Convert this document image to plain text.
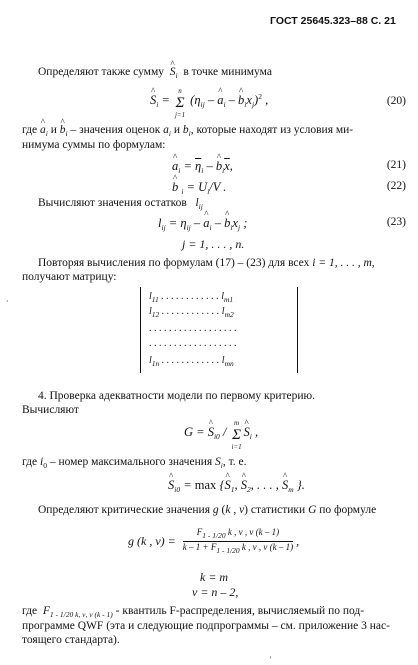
ГОСТ 25645.323–88 С. 21
Определяют также сумму ^ $S_i$ в точке минимума
^ $S_i$ =
n
Σ
j=1
($\eta_{ij}$ – ^ $a_i$ – ^ $b_ix_j)^2$ ,	(20)
где ^ $a_i$ и ^ $b_i$ – значения оценок $a_i$ и $b_i$, которые находят из условия ми-
нимума суммы по формулам:
^ $a_i = \overline{\eta}_i$ – ^ $b_i\overline{x}$,	(21)
^ b $_i = U_i/V$ .	(22)
Вычисляют значения остатков $l_{ij}$
$l_{ij} = \eta_{ij}$ – ^ $a_i$ – ^ $b_ix_j$ ;	(23)
j = 1, . . . , n.
Повторяя вычисления по формулам (17) – (23) для всех i = 1, . . . , m,
получают матрицу:
·	$l_{11}$ . . . . . . . . . . . . $l_{m1}$
$l_{12}$ . . . . . . . . . . . . $l_{m2}$
. . . . . . . . . . . . . . . . . .
. . . . . . . . . . . . . . . . . .
$l_{1n}$ . . . . . . . . . . . . $l_{mn}$
4. Проверка адекватности модели по первому критерию.
Вычисляют
G = ^ $S_{i0}$ /
m
Σ
i=1
^ $S_i$ ,
где $i_0$ – номер максимального значения $S_i$, т. е.
^ $S_{i0} = \max$ {^ $S_1$, ^ $S_2$, . . . , ^ $S_m$ }.
Определяют критические значения g (k , ν) статистики G по формуле
g (k , $\nu) = \frac{F_{1 - 1/20} k , \nu , \nu (k - 1)}{k - 1 + F_{1 - 1/20} k , \nu , \nu (k - 1)}$ ,
k = m
ν = n – 2,
где $F_{1 - 1/20 k, \nu, \nu (k - 1)}$ - квантиль F-распределения, вычисляемый по под-
программе QWF (эта и следующие подпрограммы – см. приложение 3 нас-
тоящего стандарта).
'
